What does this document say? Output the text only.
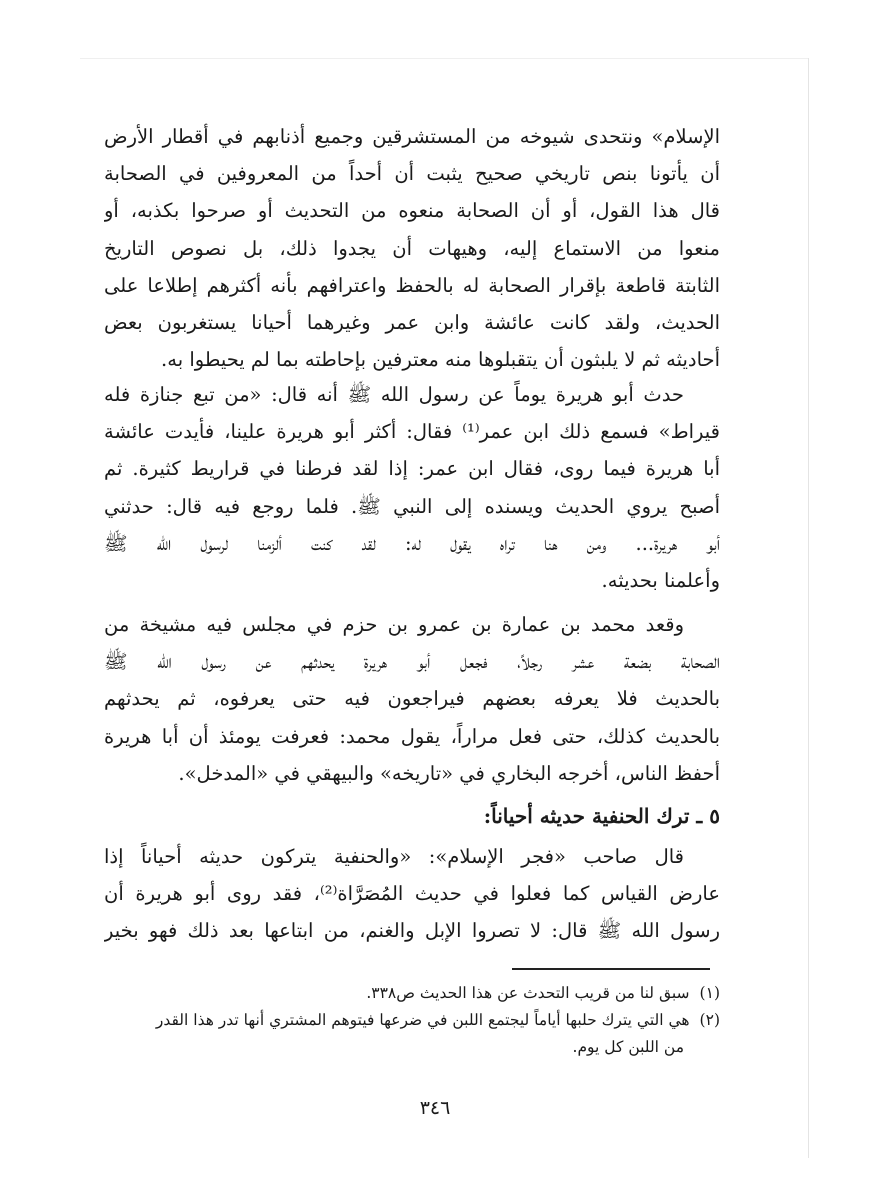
الإسلام» ونتحدى شيوخه من المستشرقين وجميع أذنابهم في أقطار الأرض
أن يأتونا بنص تاريخي صحيح يثبت أن أحداً من المعروفين في الصحابة
قال هذا القول، أو أن الصحابة منعوه من التحديث أو صرحوا بكذبه، أو
منعوا من الاستماع إليه، وهيهات أن يجدوا ذلك، بل نصوص التاريخ
الثابتة قاطعة بإقرار الصحابة له بالحفظ واعترافهم بأنه أكثرهم إطلاعا على
الحديث، ولقد كانت عائشة وابن عمر وغيرهما أحيانا يستغربون بعض
أحاديثه ثم لا يلبثون أن يتقبلوها منه معترفين بإحاطته بما لم يحيطوا به.
حدث أبو هريرة يوماً عن رسول الله ﷺ أنه قال: «من تبع جنازة فله
قيراط» فسمع ذلك ابن عمر⁽¹⁾ فقال: أكثر أبو هريرة علينا، فأيدت عائشة
أبا هريرة فيما روى، فقال ابن عمر: إذا لقد فرطنا في قراريط كثيرة. ثم
أصبح يروي الحديث ويسنده إلى النبي ﷺ. فلما روجع فيه قال: حدثني
أبو هريرة... ومن هنا تراه يقول له: لقد كنت ألزمنا لرسول الله ﷺ
وأعلمنا بحديثه.
وقعد محمد بن عمارة بن عمرو بن حزم في مجلس فيه مشيخة من
الصحابة بضعة عشر رجلاً، فجعل أبو هريرة يحدثهم عن رسول الله ﷺ
بالحديث فلا يعرفه بعضهم فيراجعون فيه حتى يعرفوه، ثم يحدثهم
بالحديث كذلك، حتى فعل مراراً، يقول محمد: فعرفت يومئذ أن أبا هريرة
أحفظ الناس، أخرجه البخاري في «تاريخه» والبيهقي في «المدخل».
٥ ـ ترك الحنفية حديثه أحياناً:
قال صاحب «فجر الإسلام»: «والحنفية يتركون حديثه أحياناً إذا
عارض القياس كما فعلوا في حديث المُصَرَّاة⁽²⁾، فقد روى أبو هريرة أن
رسول الله ﷺ قال: لا تصروا الإبل والغنم، من ابتاعها بعد ذلك فهو بخير
(١)سبق لنا من قريب التحدث عن هذا الحديث ص٣٣٨.
(٢)هي التي يترك حلبها أياماً ليجتمع اللبن في ضرعها فيتوهم المشتري أنها تدر هذا القدر
من اللبن كل يوم.
٣٤٦
